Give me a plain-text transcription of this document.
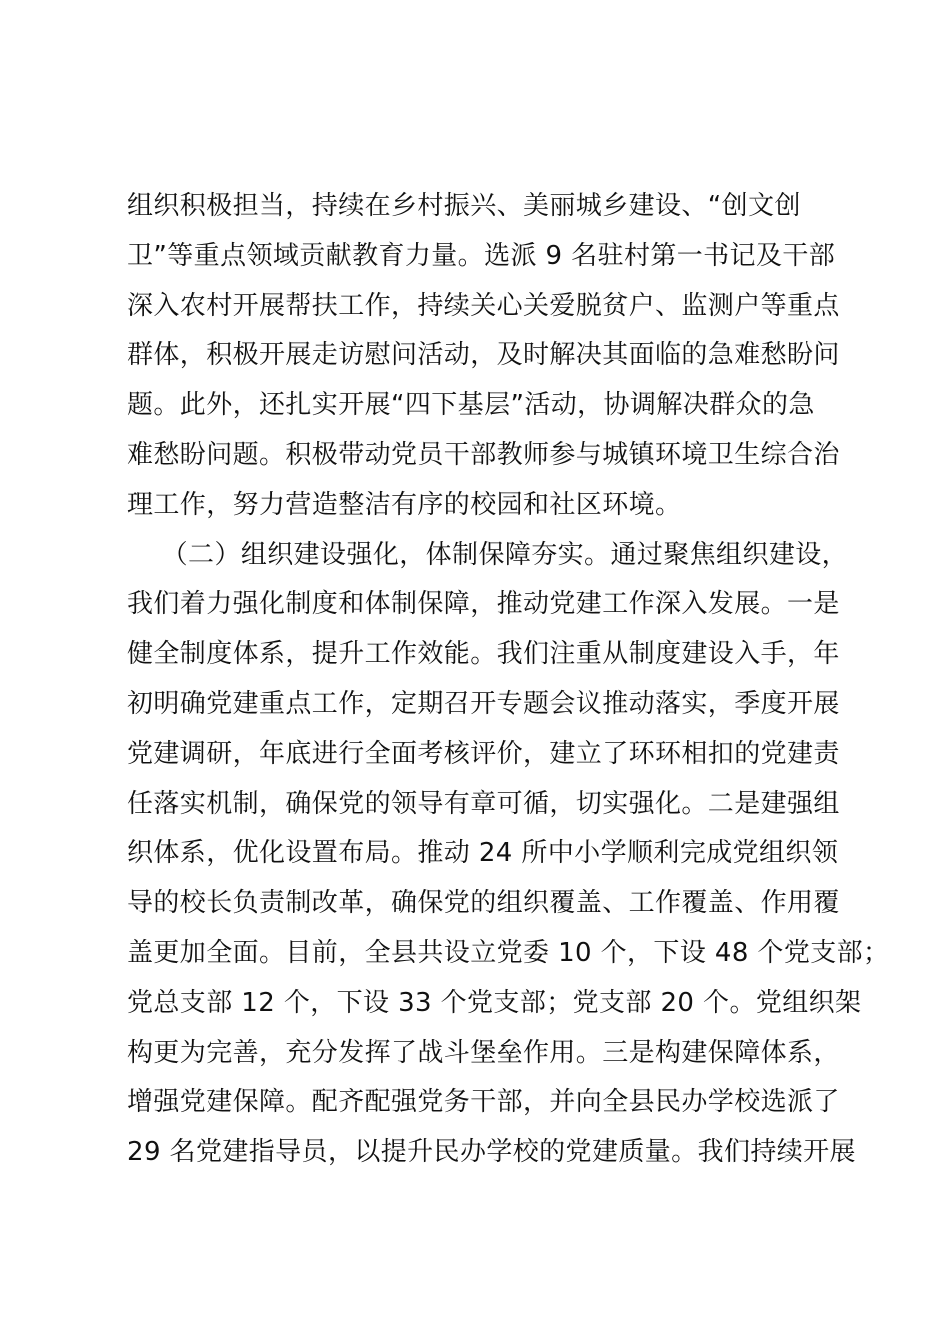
组织积极担当，持续在乡村振兴、美丽城乡建设、“创文创
卫”等重点领域贡献教育力量。选派 9 名驻村第一书记及干部
深入农村开展帮扶工作，持续关心关爱脱贫户、监测户等重点
群体，积极开展走访慰问活动，及时解决其面临的急难愁盼问
题。此外，还扎实开展“四下基层”活动，协调解决群众的急
难愁盼问题。积极带动党员干部教师参与城镇环境卫生综合治
理工作，努力营造整洁有序的校园和社区环境。
（二）组织建设强化，体制保障夯实。通过聚焦组织建设，
我们着力强化制度和体制保障，推动党建工作深入发展。一是
健全制度体系，提升工作效能。我们注重从制度建设入手，年
初明确党建重点工作，定期召开专题会议推动落实，季度开展
党建调研，年底进行全面考核评价，建立了环环相扣的党建责
任落实机制，确保党的领导有章可循，切实强化。二是建强组
织体系，优化设置布局。推动 24 所中小学顺利完成党组织领
导的校长负责制改革，确保党的组织覆盖、工作覆盖、作用覆
盖更加全面。目前，全县共设立党委 10 个，下设 48 个党支部；
党总支部 12 个，下设 33 个党支部；党支部 20 个。党组织架
构更为完善，充分发挥了战斗堡垒作用。三是构建保障体系，
增强党建保障。配齐配强党务干部，并向全县民办学校选派了
29 名党建指导员，以提升民办学校的党建质量。我们持续开展
